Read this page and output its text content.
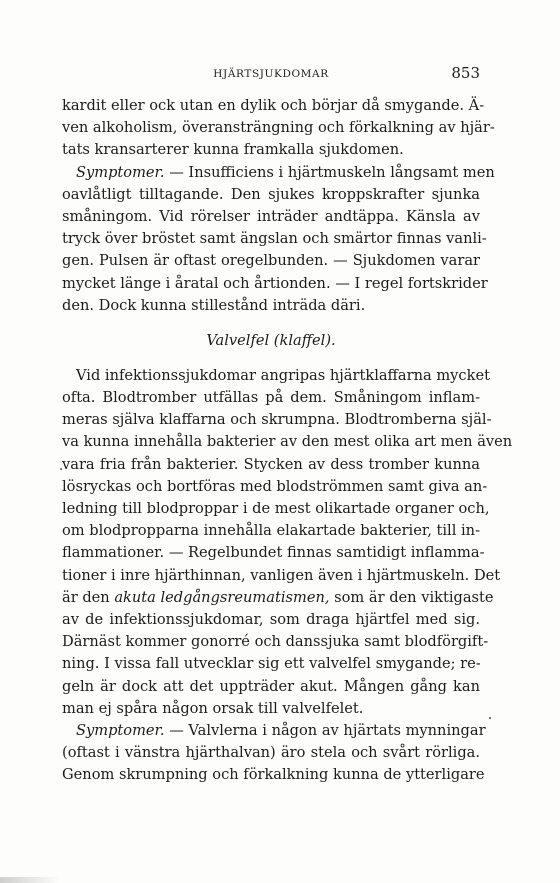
HJÄRTSJUKDOMAR	853
kardit eller ock utan en dylik och börjar då smygande. Ä-
ven alkoholism, överansträngning och förkalkning av hjär-
tats kransarterer kunna framkalla sjukdomen.
Symptomer. — Insufficiens i hjärtmuskeln långsamt men
oavlåtligt tilltagande. Den sjukes kroppskrafter sjunka
småningom. Vid rörelser inträder andtäppa. Känsla av
tryck över bröstet samt ängslan och smärtor finnas vanli-
gen. Pulsen är oftast oregelbunden. — Sjukdomen varar
mycket länge i åratal och årtionden. — I regel fortskrider
den. Dock kunna stillestånd inträda däri.
Valvelfel (klaffel).
Vid infektionssjukdomar angripas hjärtklaffarna mycket
ofta. Blodtromber utfällas på dem. Småningom inflam-
meras själva klaffarna och skrumpna. Blodtromberna själ-
va kunna innehålla bakterier av den mest olika art men även
vara fria från bakterier. Stycken av dess tromber kunna
lösryckas och bortföras med blodströmmen samt giva an-
ledning till blodproppar i de mest olikartade organer och,
om blodpropparna innehålla elakartade bakterier, till in-
flammationer. — Regelbundet finnas samtidigt inflamma-
tioner i inre hjärthinnan, vanligen även i hjärtmuskeln. Det
är den akuta ledgångsreumatismen, som är den viktigaste
av de infektionssjukdomar, som draga hjärtfel med sig.
Därnäst kommer gonorré och danssjuka samt blodförgift-
ning. I vissa fall utvecklar sig ett valvelfel smygande; re-
geln är dock att det uppträder akut. Mången gång kan
man ej spåra någon orsak till valvelfelet.
Symptomer. — Valvlerna i någon av hjärtats mynningar
(oftast i vänstra hjärthalvan) äro stela och svårt rörliga.
Genom skrumpning och förkalkning kunna de ytterligare
